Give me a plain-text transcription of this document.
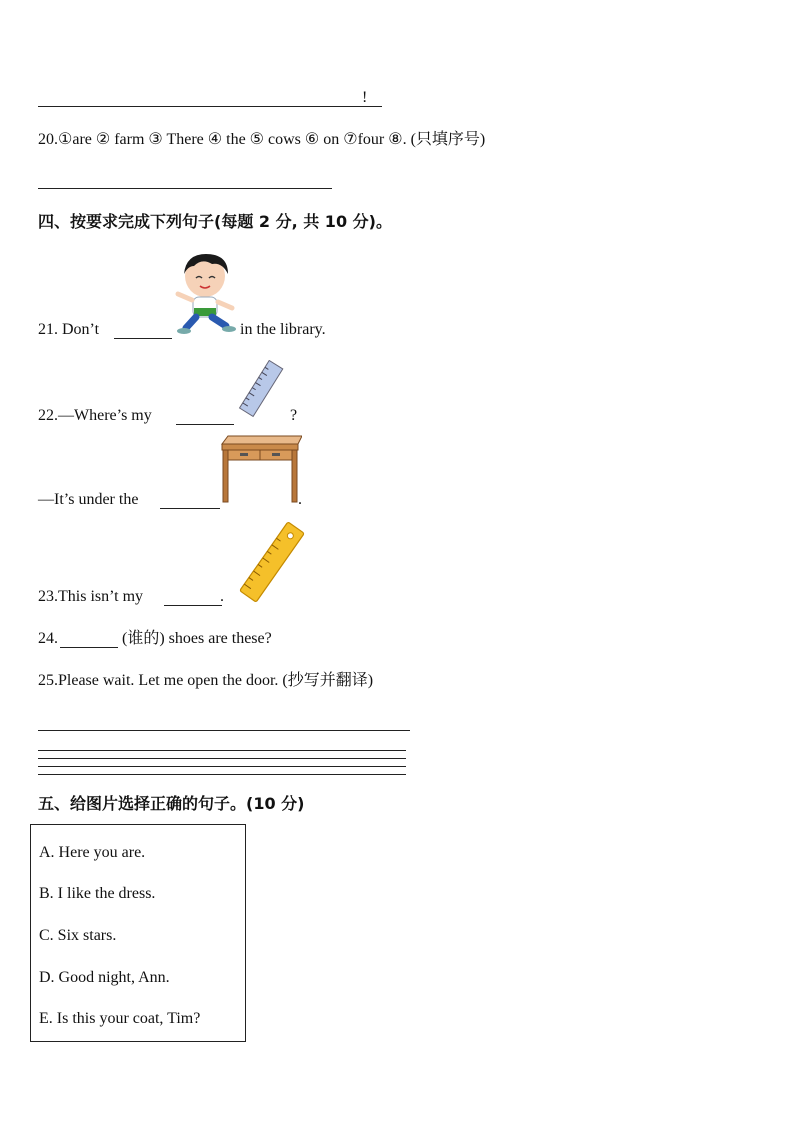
!
20.①are ② farm ③ There ④ the ⑤ cows ⑥ on ⑦four ⑧. (只填序号)
四、按要求完成下列句子(每题 2 分, 共 10 分)。
21. Don’t	in the library.
22.—Where’s my	?
—It’s under the	.
23.This isn’t my	.
24.	(谁的) shoes are these?
25.Please wait. Let me open the door. (抄写并翻译)
五、给图片选择正确的句子。(10 分)
A. Here you are.
B. I like the dress.
C. Six stars.
D. Good night, Ann.
E. Is this your coat, Tim?
